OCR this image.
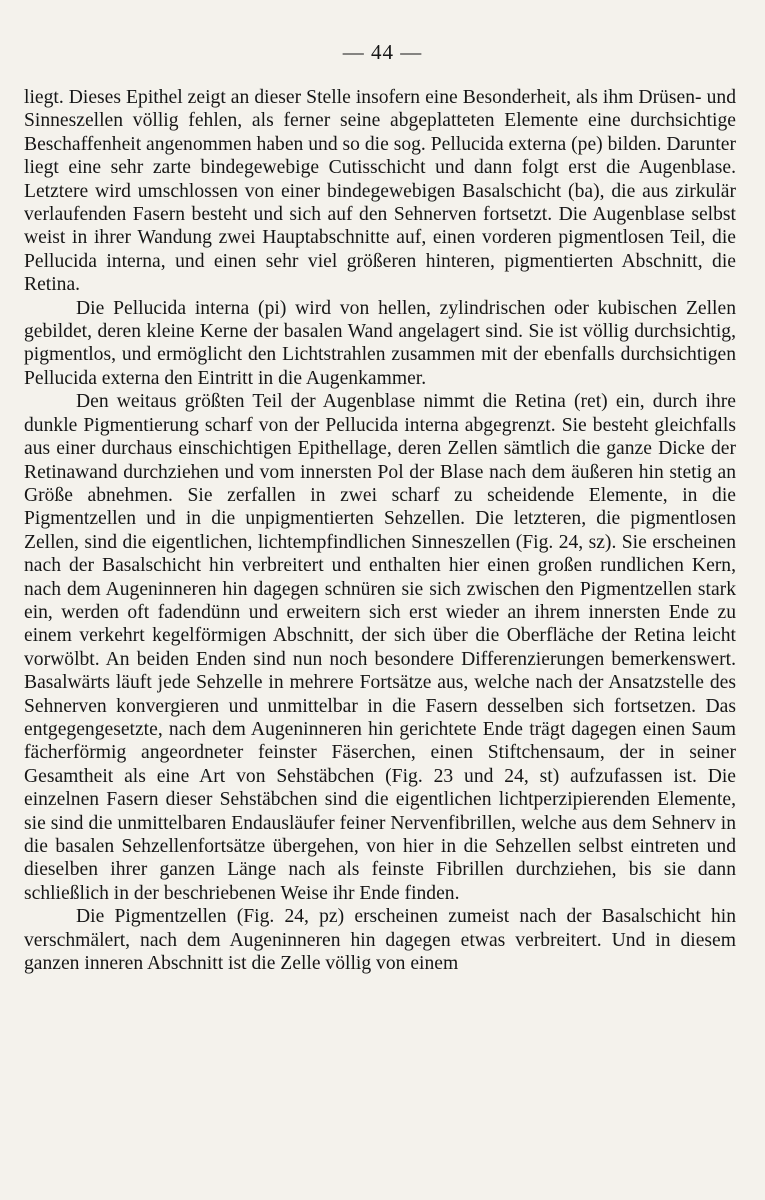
— 44 —

liegt. Dieses Epithel zeigt an dieser Stelle insofern eine Besonderheit, als ihm Drüsen- und Sinneszellen völlig fehlen, als ferner seine abgeplatteten Elemente eine durchsichtige Beschaffenheit angenommen haben und so die sog. Pellucida externa (pe) bilden. Darunter liegt eine sehr zarte bindegewebige Cutisschicht und dann folgt erst die Augenblase. Letztere wird umschlossen von einer bindegewebigen Basalschicht (ba), die aus zirkulär verlaufenden Fasern besteht und sich auf den Sehnerven fortsetzt. Die Augenblase selbst weist in ihrer Wandung zwei Hauptabschnitte auf, einen vorderen pigmentlosen Teil, die Pellucida interna, und einen sehr viel größeren hinteren, pigmentierten Abschnitt, die Retina.

Die Pellucida interna (pi) wird von hellen, zylindrischen oder kubischen Zellen gebildet, deren kleine Kerne der basalen Wand angelagert sind. Sie ist völlig durchsichtig, pigmentlos, und ermöglicht den Lichtstrahlen zusammen mit der ebenfalls durchsichtigen Pellucida externa den Eintritt in die Augenkammer.

Den weitaus größten Teil der Augenblase nimmt die Retina (ret) ein, durch ihre dunkle Pigmentierung scharf von der Pellucida interna abgegrenzt. Sie besteht gleichfalls aus einer durchaus einschichtigen Epithellage, deren Zellen sämtlich die ganze Dicke der Retinawand durchziehen und vom innersten Pol der Blase nach dem äußeren hin stetig an Größe abnehmen. Sie zerfallen in zwei scharf zu scheidende Elemente, in die Pigmentzellen und in die unpigmentierten Sehzellen. Die letzteren, die pigmentlosen Zellen, sind die eigentlichen, lichtempfindlichen Sinneszellen (Fig. 24, sz). Sie erscheinen nach der Basalschicht hin verbreitert und enthalten hier einen großen rundlichen Kern, nach dem Augeninneren hin dagegen schnüren sie sich zwischen den Pigmentzellen stark ein, werden oft fadendünn und erweitern sich erst wieder an ihrem innersten Ende zu einem verkehrt kegelförmigen Abschnitt, der sich über die Oberfläche der Retina leicht vorwölbt. An beiden Enden sind nun noch besondere Differenzierungen bemerkenswert. Basalwärts läuft jede Sehzelle in mehrere Fortsätze aus, welche nach der Ansatzstelle des Sehnerven konvergieren und unmittelbar in die Fasern desselben sich fortsetzen. Das entgegengesetzte, nach dem Augeninneren hin gerichtete Ende trägt dagegen einen Saum fächerförmig angeordneter feinster Fäserchen, einen Stiftchensaum, der in seiner Gesamtheit als eine Art von Sehstäbchen (Fig. 23 und 24, st) aufzufassen ist. Die einzelnen Fasern dieser Sehstäbchen sind die eigentlichen lichtperzipierenden Elemente, sie sind die unmittelbaren Endausläufer feiner Nervenfibrillen, welche aus dem Sehnerv in die basalen Sehzellenfortsätze übergehen, von hier in die Sehzellen selbst eintreten und dieselben ihrer ganzen Länge nach als feinste Fibrillen durchziehen, bis sie dann schließlich in der beschriebenen Weise ihr Ende finden.

Die Pigmentzellen (Fig. 24, pz) erscheinen zumeist nach der Basalschicht hin verschmälert, nach dem Augeninneren hin dagegen etwas verbreitert. Und in diesem ganzen inneren Abschnitt ist die Zelle völlig von einem
